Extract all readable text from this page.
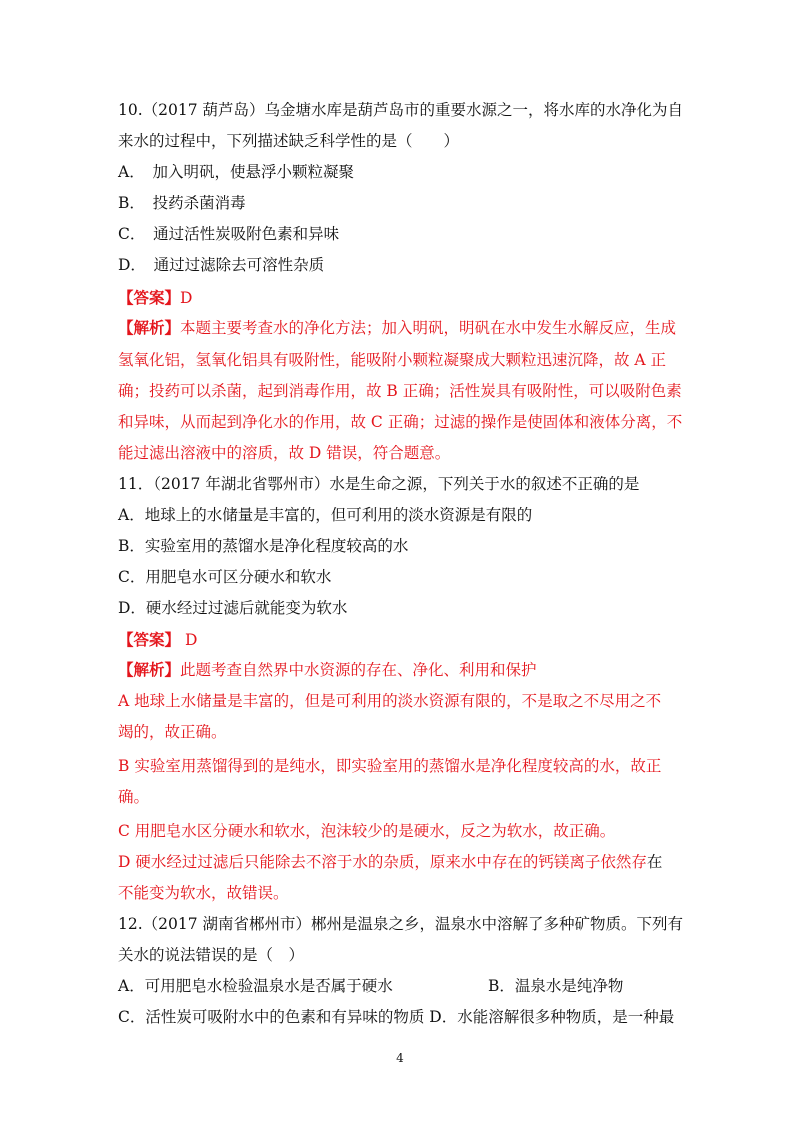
10.（2017 葫芦岛）乌金塘水库是葫芦岛市的重要水源之一，将水库的水净化为自
来水的过程中，下列描述缺乏科学性的是（　　）
A．　加入明矾，使悬浮小颗粒凝聚
B．　投药杀菌消毒
C．　通过活性炭吸附色素和异味
D．　通过过滤除去可溶性杂质
【答案】D
【解析】本题主要考查水的净化方法；加入明矾，明矾在水中发生水解反应，生成
氢氧化铝，氢氧化铝具有吸附性，能吸附小颗粒凝聚成大颗粒迅速沉降，故 A 正
确；投药可以杀菌，起到消毒作用，故 B 正确；活性炭具有吸附性，可以吸附色素
和异味，从而起到净化水的作用，故 C 正确；过滤的操作是使固体和液体分离，不
能过滤出溶液中的溶质，故 D 错误，符合题意。
11．（2017 年湖北省鄂州市）水是生命之源，下列关于水的叙述不正确的是
A．地球上的水储量是丰富的，但可利用的淡水资源是有限的
B．实验室用的蒸馏水是净化程度较高的水
C．用肥皂水可区分硬水和软水
D．硬水经过过滤后就能变为软水
【答案】 D
【解析】此题考查自然界中水资源的存在、净化、利用和保护
A 地球上水储量是丰富的，但是可利用的淡水资源有限的，不是取之不尽用之不
竭的，故正确。
B 实验室用蒸馏得到的是纯水，即实验室用的蒸馏水是净化程度较高的水，故正
确。
C 用肥皂水区分硬水和软水，泡沫较少的是硬水，反之为软水，故正确。
D 硬水经过过滤后只能除去不溶于水的杂质，原来水中存在的钙镁离子依然存在
不能变为软水，故错误。
12.（2017 湖南省郴州市）郴州是温泉之乡，温泉水中溶解了多种矿物质。下列有
关水的说法错误的是（　）
A．可用肥皂水检验温泉水是否属于硬水	B．温泉水是纯净物
C．活性炭可吸附水中的色素和有异味的物质 D．水能溶解很多种物质，是一种最
4
